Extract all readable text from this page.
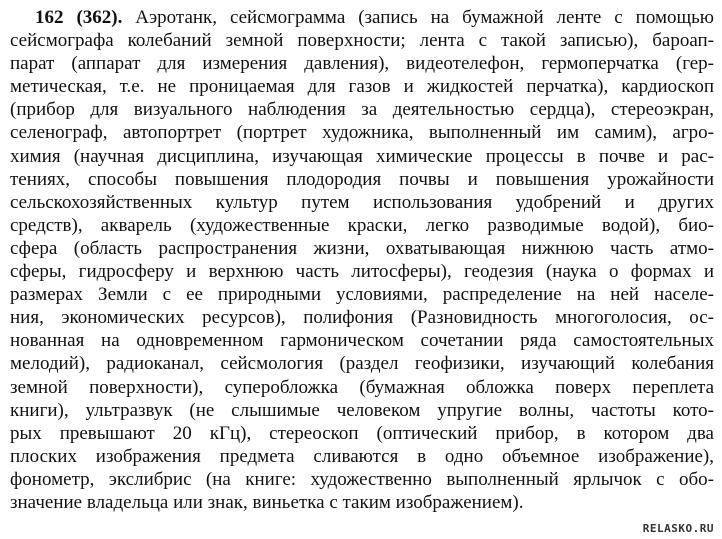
162 (362). Аэротанк, сейсмограмма (запись на бумажной ленте с помощью
сейсмографа колебаний земной поверхности; лента с такой записью), бароап-
парат (аппарат для измерения давления), видеотелефон, гермоперчатка (гер-
метическая, т.е. не проницаемая для газов и жидкостей перчатка), кардиоскоп
(прибор для визуального наблюдения за деятельностью сердца), стереоэкран,
селенограф, автопортрет (портрет художника, выполненный им самим), агро-
химия (научная дисциплина, изучающая химические процессы в почве и рас-
тениях, способы повышения плодородия почвы и повышения урожайности
сельскохозяйственных культур путем использования удобрений и других
средств), акварель (художественные краски, легко разводимые водой), био-
сфера (область распространения жизни, охватывающая нижнюю часть атмо-
сферы, гидросферу и верхнюю часть литосферы), геодезия (наука о формах и
размерах Земли с ее природными условиями, распределение на ней населе-
ния, экономических ресурсов), полифония (Разновидность многоголосия, ос-
нованная на одновременном гармоническом сочетании ряда самостоятельных
мелодий), радиоканал, сейсмология (раздел геофизики, изучающий колебания
земной поверхности), суперобложка (бумажная обложка поверх переплета
книги), ультразвук (не слышимые человеком упругие волны, частоты кото-
рых превышают 20 кГц), стереоскоп (оптический прибор, в котором два
плоских изображения предмета сливаются в одно объемное изображение),
фонометр, экслибрис (на книге: художественно выполненный ярлычок с обо-
значение владельца или знак, виньетка с таким изображением).
RELASKO.RU
